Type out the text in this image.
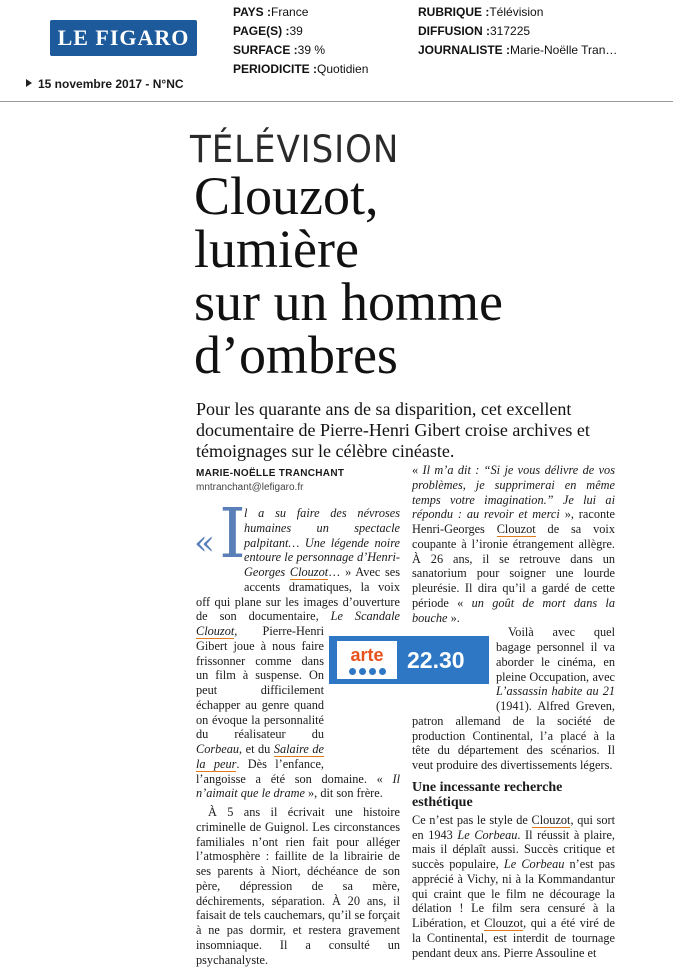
LE FIGARO
PAYS :France
PAGE(S) :39
SURFACE :39 %
PERIODICITE :Quotidien
RUBRIQUE :Télévision
DIFFUSION :317225
JOURNALISTE :Marie-Noëlle Tran…
15 novembre 2017 - N°NC
TÉLÉVISION
Clouzot,
lumière
sur un homme
d’ombres
Pour les quarante ans de sa disparition, cet excellent documentaire de Pierre-Henri Gibert croise archives et témoignages sur le célèbre cinéaste.
MARIE-NOËLLE TRANCHANT
mntranchant@lefigaro.fr
« I

l a su faire des névroses humaines un spectacle palpitant… Une légende noire entoure le personnage d’Henri-Georges Clouzot… » Avec ses accents dramatiques, la voix off qui plane sur les images d’ouverture de son documentaire, Le Scandale Clouzot
, Pierre-Henri Gibert joue à nous faire frissonner comme dans un film à suspense. On peut difficilement échapper au genre quand on évoque la personnalité du réalisateur du Corbeau, et du Salaire de la peur. Dès l’enfance, l’angoisse a été son domaine. « Il n’aimait que le drame », dit son frère.

À 5 ans il écrivait une histoire criminelle de Guignol. Les circonstances familiales n’ont rien fait pour alléger l’atmosphère : faillite de la librairie de ses parents à Niort, déchéance de son père, dépression de sa mère, déchirements, séparation. À 20 ans, il faisait de tels cauchemars, qu’il se forçait à ne pas dormir, et restera gravement insomniaque. Il a consulté un psychanalyste.

« Il m’a dit : “Si je vous délivre de vos problèmes, je supprimerai en même temps votre imagination.” Je lui ai répondu : au revoir et merci », raconte Henri-Georges Clouzot de sa voix coupante à l’ironie étrangement allègre. À 26 ans, il se retrouve dans un sanatorium pour soigner une lourde pleurésie. Il dira qu’il a gardé de cette période « un goût de mort dans la bouche ».

Voilà avec quel bagage personnel il va aborder le cinéma, en pleine Occupation, avec L’assassin habite au 21 (1941). Alfred Greven, patron allemand de la société de production Continental, l’a placé à la tête du département des scénarios. Il veut produire des divertissements légers.

Une incessante recherche esthétique

Ce n’est pas le style de Clouzot, qui sort en 1943 Le Corbeau. Il réussit à plaire, mais il déplaît aussi. Succès critique et succès populaire, Le Corbeau n’est pas apprécié à Vichy, ni à la Kommandantur qui craint que le film ne décourage la délation ! Le film sera censuré à la Libération, et Clouzot, qui a été viré de la Continental, est interdit de tournage pendant deux ans. Pierre Assouline et

arte 22.30
